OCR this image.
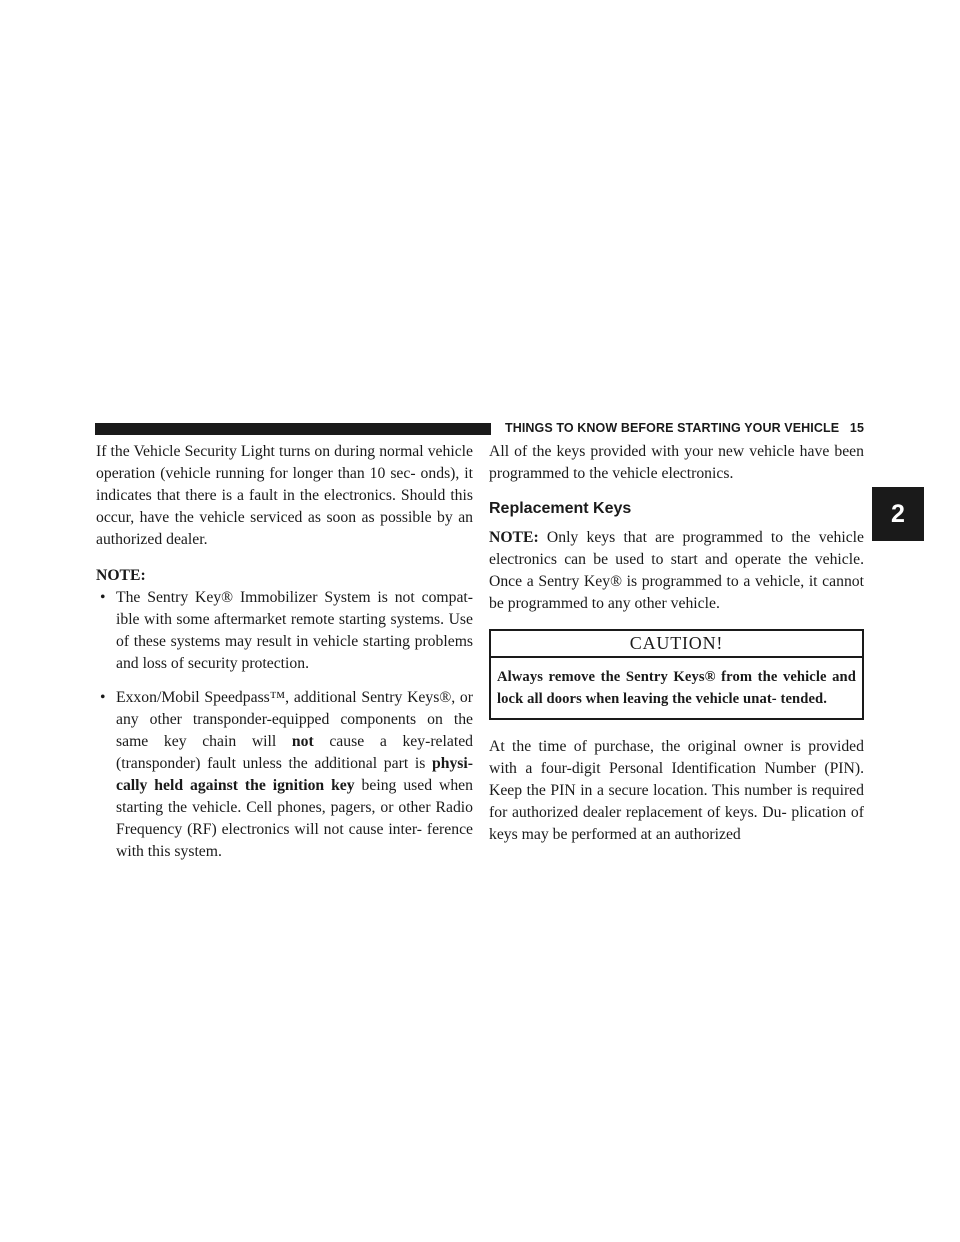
THINGS TO KNOW BEFORE STARTING YOUR VEHICLE 15
2

If the Vehicle Security Light turns on during normal vehicle operation (vehicle running for longer than 10 sec- onds), it indicates that there is a fault in the electronics. Should this occur, have the vehicle serviced as soon as possible by an authorized dealer.

NOTE:

• The Sentry Key® Immobilizer System is not compat- ible with some aftermarket remote starting systems. Use of these systems may result in vehicle starting problems and loss of security protection.
• Exxon/Mobil Speedpass™, additional Sentry Keys®, or any other transponder-equipped components on the same key chain will not cause a key-related (transponder) fault unless the additional part is physi- cally held against the ignition key being used when starting the vehicle. Cell phones, pagers, or other Radio Frequency (RF) electronics will not cause inter- ference with this system.

All of the keys provided with your new vehicle have been programmed to the vehicle electronics.

Replacement Keys

NOTE: Only keys that are programmed to the vehicle electronics can be used to start and operate the vehicle. Once a Sentry Key® is programmed to a vehicle, it cannot be programmed to any other vehicle.

CAUTION!
Always remove the Sentry Keys® from the vehicle and lock all doors when leaving the vehicle unat- tended.

At the time of purchase, the original owner is provided with a four-digit Personal Identification Number (PIN). Keep the PIN in a secure location. This number is required for authorized dealer replacement of keys. Du- plication of keys may be performed at an authorized
